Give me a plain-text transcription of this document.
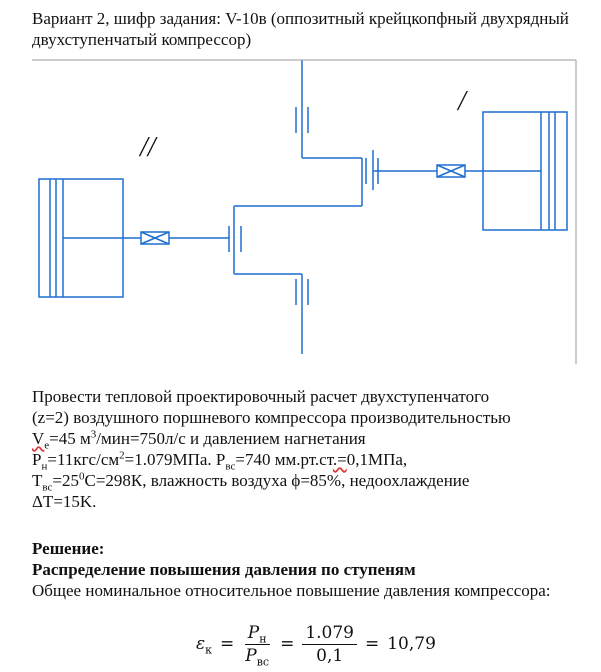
Вариант 2, шифр задания: V-10в (оппозитный крейцкопфный двухрядный двухступенчатый компрессор)
/
//

Провести тепловой проектировочный расчет двухступенчатого

(z=2) воздушного поршневого компрессора производительностью

$V_e=45$ $м^3/мин=750л/с$ и давлением нагнетания

$P_н=11кгс/см^2=1.079МПа$. $P_{вс}=740$ мм.рт.ст.=0,1МПа,

$T_{вс}=25^0С=298К$, влажность воздуха ϕ=85%, недоохлаждение

ΔT=15K.

Решение:
Распределение повышения давления по ступеням
Общее номинальное относительное повышение давления компрессора:
$\varepsilon_к = \frac{P_н}{P_{вс}} = \frac{1.079}{0,1} = 10,79$
